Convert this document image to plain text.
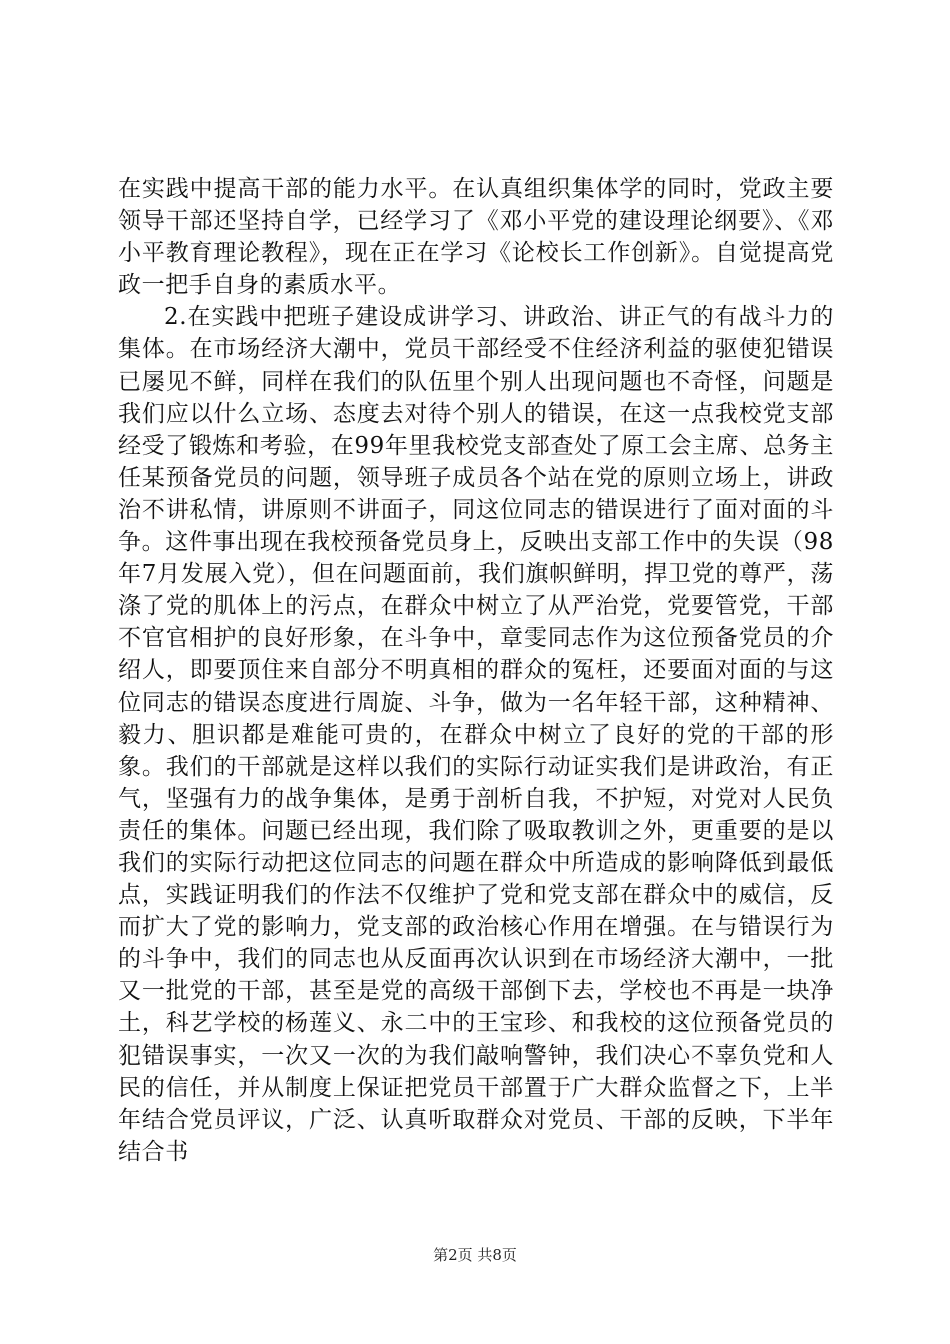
在实践中提高干部的能力水平。在认真组织集体学的同时，党政主要领导干部还坚持自学，已经学习了《邓小平党的建设理论纲要》、《邓小平教育理论教程》，现在正在学习《论校长工作创新》。自觉提高党政一把手自身的素质水平。

2.在实践中把班子建设成讲学习、讲政治、讲正气的有战斗力的集体。在市场经济大潮中，党员干部经受不住经济利益的驱使犯错误已屡见不鲜，同样在我们的队伍里个别人出现问题也不奇怪，问题是我们应以什么立场、态度去对待个别人的错误，在这一点我校党支部经受了锻炼和考验，在99年里我校党支部查处了原工会主席、总务主任某预备党员的问题，领导班子成员各个站在党的原则立场上，讲政治不讲私情，讲原则不讲面子，同这位同志的错误进行了面对面的斗争。这件事出现在我校预备党员身上，反映出支部工作中的失误（98年7月发展入党），但在问题面前，我们旗帜鲜明，捍卫党的尊严，荡涤了党的肌体上的污点，在群众中树立了从严治党，党要管党，干部不官官相护的良好形象，在斗争中，章雯同志作为这位预备党员的介绍人，即要顶住来自部分不明真相的群众的冤枉，还要面对面的与这位同志的错误态度进行周旋、斗争，做为一名年轻干部，这种精神、毅力、胆识都是难能可贵的，在群众中树立了良好的党的干部的形象。我们的干部就是这样以我们的实际行动证实我们是讲政治，有正气，坚强有力的战争集体，是勇于剖析自我，不护短，对党对人民负责任的集体。问题已经出现，我们除了吸取教训之外，更重要的是以我们的实际行动把这位同志的问题在群众中所造成的影响降低到最低点，实践证明我们的作法不仅维护了党和党支部在群众中的威信，反而扩大了党的影响力，党支部的政治核心作用在增强。在与错误行为的斗争中，我们的同志也从反面再次认识到在市场经济大潮中，一批又一批党的干部，甚至是党的高级干部倒下去，学校也不再是一块净土，科艺学校的杨莲义、永二中的王宝珍、和我校的这位预备党员的犯错误事实，一次又一次的为我们敲响警钟，我们决心不辜负党和人民的信任，并从制度上保证把党员干部置于广大群众监督之下，上半年结合党员评议，广泛、认真听取群众对党员、干部的反映，下半年结合书

第2页 共8页
